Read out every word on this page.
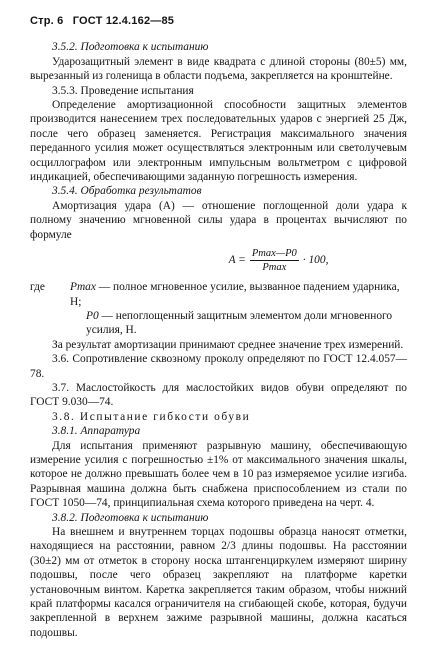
Стр. 6 ГОСТ 12.4.162—85

3.5.2. Подготовка к испытанию

Ударозащитный элемент в виде квадрата с длиной стороны (80±5) мм, вырезанный из голенища в области подъема, закрепляется на кронштейне.

3.5.3. Проведение испытания

Определение амортизационной способности защитных элементов производится нанесением трех последовательных ударов с энергией 25 Дж, после чего образец заменяется. Регистрация максимального значения переданного усилия может осуществляться электронным или светолучевым осциллографом или электронным импульсным вольтметром с цифровой индикацией, обеспечивающими заданную погрешность измерения.

3.5.4. Обработка результатов

Амортизация удара (A) — отношение поглощенной доли удара к полному значению мгновенной силы удара в процентах вычисляют по формуле

$A = \frac{Pmax—P0}{Pmax} \cdot 100$,
где	Pmax — полное мгновенное усилие, вызванное падением ударника, Н;
P0 — непоглощенный защитным элементом доли мгновенного усилия, Н.

За результат амортизации принимают среднее значение трех измерений.

3.6. Сопротивление сквозному проколу определяют по ГОСТ 12.4.057—78.

3.7. Маслостойкость для маслостойких видов обуви определяют по ГОСТ 9.030—74.

3.8. Испытание гибкости обуви

3.8.1. Аппаратура

Для испытания применяют разрывную машину, обеспечивающую измерение усилия с погрешностью ±1% от максимального значения шкалы, которое не должно превышать более чем в 10 раз измеряемое усилие изгиба. Разрывная машина должна быть снабжена приспособлением из стали по ГОСТ 1050—74, принципиальная схема которого приведена на черт. 4.

3.8.2. Подготовка к испытанию

На внешнем и внутреннем торцах подошвы образца наносят отметки, находящиеся на расстоянии, равном 2/3 длины подошвы. На расстоянии (30±2) мм от отметок в сторону носка штангенциркулем измеряют ширину подошвы, после чего образец закрепляют на платформе каретки установочным винтом. Каретка закрепляется таким образом, чтобы нижний край платформы касался ограничителя на сгибающей скобе, которая, будучи закрепленной в верхнем зажиме разрывной машины, должна касаться подошвы.
